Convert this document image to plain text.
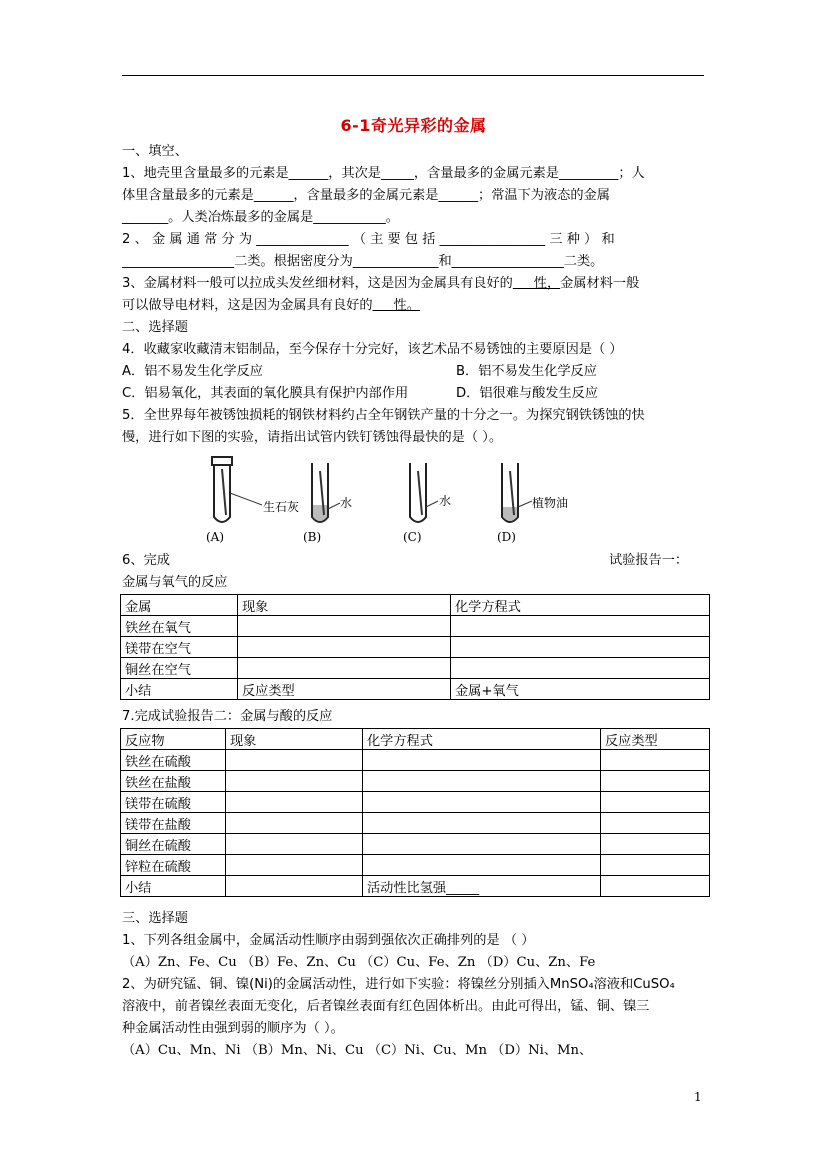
6-1奇光异彩的金属
一、填空、
1、地壳里含量最多的元素是______，其次是_____，含量最多的金属元素是_________；人
体里含量最多的元素是______，含量最多的金属元素是______；常温下为液态的金属
_______。人类冶炼最多的金属是___________。
2 、 金 属 通 常 分 为 ______________ （ 主 要 包 括 ________________ 三 种 ） 和
_________________二类。根据密度分为_____________和_________________二类。
3、金属材料一般可以拉成头发丝细材料，这是因为金属具有良好的     性，金属材料一般
可以做导电材料，这是因为金属具有良好的     性。
二、选择题
4．收藏家收藏清末铝制品，至今保存十分完好，该艺术品不易锈蚀的主要原因是（ ）
A．铝不易发生化学反应	B．铝不易发生化学反应
C．铝易氧化，其表面的氧化膜具有保护内部作用	D．铝很难与酸发生反应
5．全世界每年被锈蚀损耗的钢铁材料约占全年钢铁产量的十分之一。为探究钢铁锈蚀的快
慢，进行如下图的实验，请指出试管内铁钉锈蚀得最快的是（ ）。
生石灰
(A)
水
(B)
水
(C)
植物油
(D)
6、完成	试验报告一：
金属与氧气的反应
金属	现象	化学方程式
铁丝在氧气		
镁带在空气		
铜丝在空气		
小结	反应类型	金属+氧气
7.完成试验报告二：金属与酸的反应
反应物	现象	化学方程式	反应类型
铁丝在硫酸			
铁丝在盐酸			
镁带在硫酸			
镁带在盐酸			
铜丝在硫酸			
锌粒在硫酸			
小结		活动性比氢强_____	
三、选择题
1、下列各组金属中，金属活动性顺序由弱到强依次正确排列的是 （ ）
（A）Zn、Fe、Cu （B）Fe、Zn、Cu （C）Cu、Fe、Zn （D）Cu、Zn、Fe
2、为研究锰、铜、镍(Ni)的金属活动性，进行如下实验：将镍丝分别插入MnSO₄溶液和CuSO₄
溶液中，前者镍丝表面无变化，后者镍丝表面有红色固体析出。由此可得出，锰、铜、镍三
种金属活动性由强到弱的顺序为（ ）。
（A）Cu、Mn、Ni （B）Mn、Ni、Cu （C）Ni、Cu、Mn （D）Ni、Mn、
1
